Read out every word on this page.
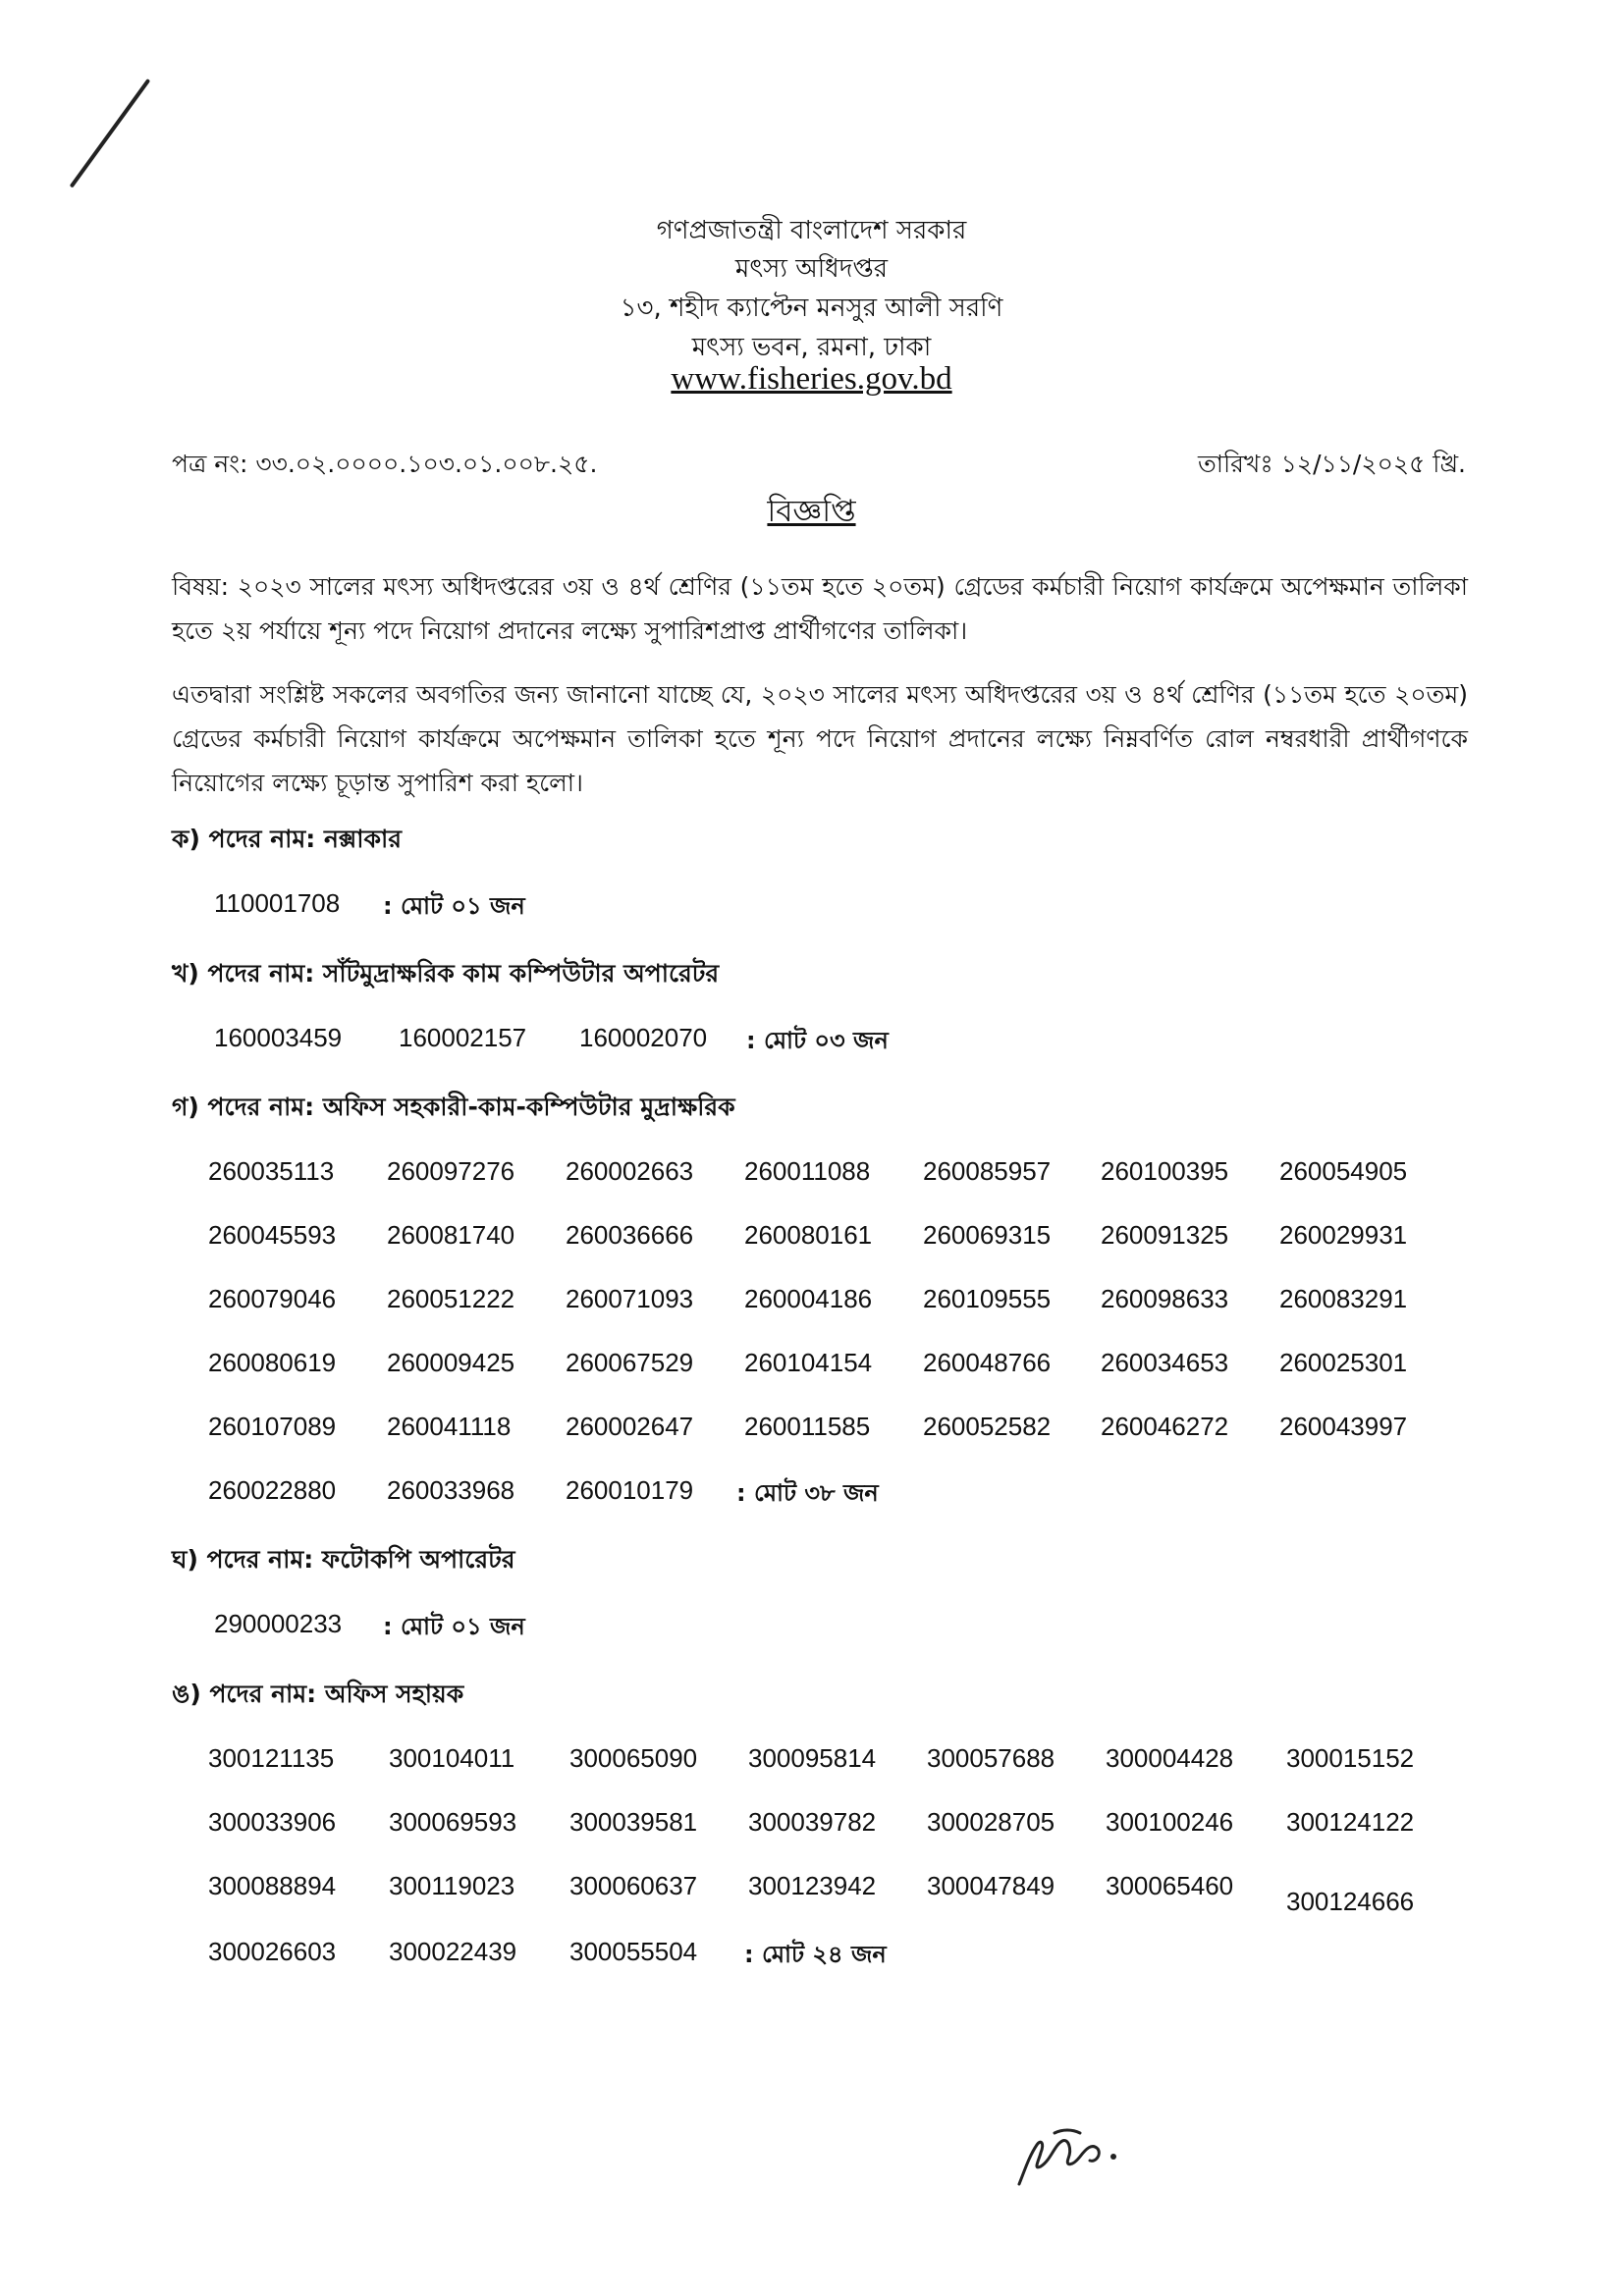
গণপ্রজাতন্ত্রী বাংলাদেশ সরকার
মৎস্য অধিদপ্তর
১৩, শহীদ ক্যাপ্টেন মনসুর আলী সরণি
মৎস্য ভবন, রমনা, ঢাকা
www.fisheries.gov.bd
পত্র নং: ৩৩.০২.০০০০.১০৩.০১.০০৮.২৫.	তারিখঃ ১২/১১/২০২৫ খ্রি.
বিজ্ঞপ্তি
বিষয়: ২০২৩ সালের মৎস্য অধিদপ্তরের ৩য় ও ৪র্থ শ্রেণির (১১তম হতে ২০তম) গ্রেডের কর্মচারী নিয়োগ কার্যক্রমে অপেক্ষমান তালিকা হতে ২য় পর্যায়ে শূন্য পদে নিয়োগ প্রদানের লক্ষ্যে সুপারিশপ্রাপ্ত প্রার্থীগণের তালিকা।
এতদ্বারা সংশ্লিষ্ট সকলের অবগতির জন্য জানানো যাচ্ছে যে, ২০২৩ সালের মৎস্য অধিদপ্তরের ৩য় ও ৪র্থ শ্রেণির (১১তম হতে ২০তম) গ্রেডের কর্মচারী নিয়োগ কার্যক্রমে অপেক্ষমান তালিকা হতে শূন্য পদে নিয়োগ প্রদানের লক্ষ্যে নিম্নবর্ণিত রোল নম্বরধারী প্রার্থীগণকে নিয়োগের লক্ষ্যে চূড়ান্ত সুপারিশ করা হলো।
ক) পদের নাম: নক্সাকার
110001708 : মোট ০১ জন
খ) পদের নাম: সাঁটমুদ্রাক্ষরিক কাম কম্পিউটার অপারেটর
160003459 160002157 160002070 : মোট ০৩ জন
গ) পদের নাম: অফিস সহকারী-কাম-কম্পিউটার মুদ্রাক্ষরিক
260035113 260097276 260002663 260011088 260085957 260100395 260054905
260045593 260081740 260036666 260080161 260069315 260091325 260029931
260079046 260051222 260071093 260004186 260109555 260098633 260083291
260080619 260009425 260067529 260104154 260048766 260034653 260025301
260107089 260041118 260002647 260011585 260052582 260046272 260043997
260022880 260033968 260010179 : মোট ৩৮ জন
ঘ) পদের নাম: ফটোকপি অপারেটর
290000233 : মোট ০১ জন
ঙ) পদের নাম: অফিস সহায়ক
300121135 300104011 300065090 300095814 300057688 300004428 300015152
300033906 300069593 300039581 300039782 300028705 300100246 300124122
300088894 300119023 300060637 300123942 300047849 300065460
300124666
300026603 300022439 300055504 : মোট ২৪ জন
